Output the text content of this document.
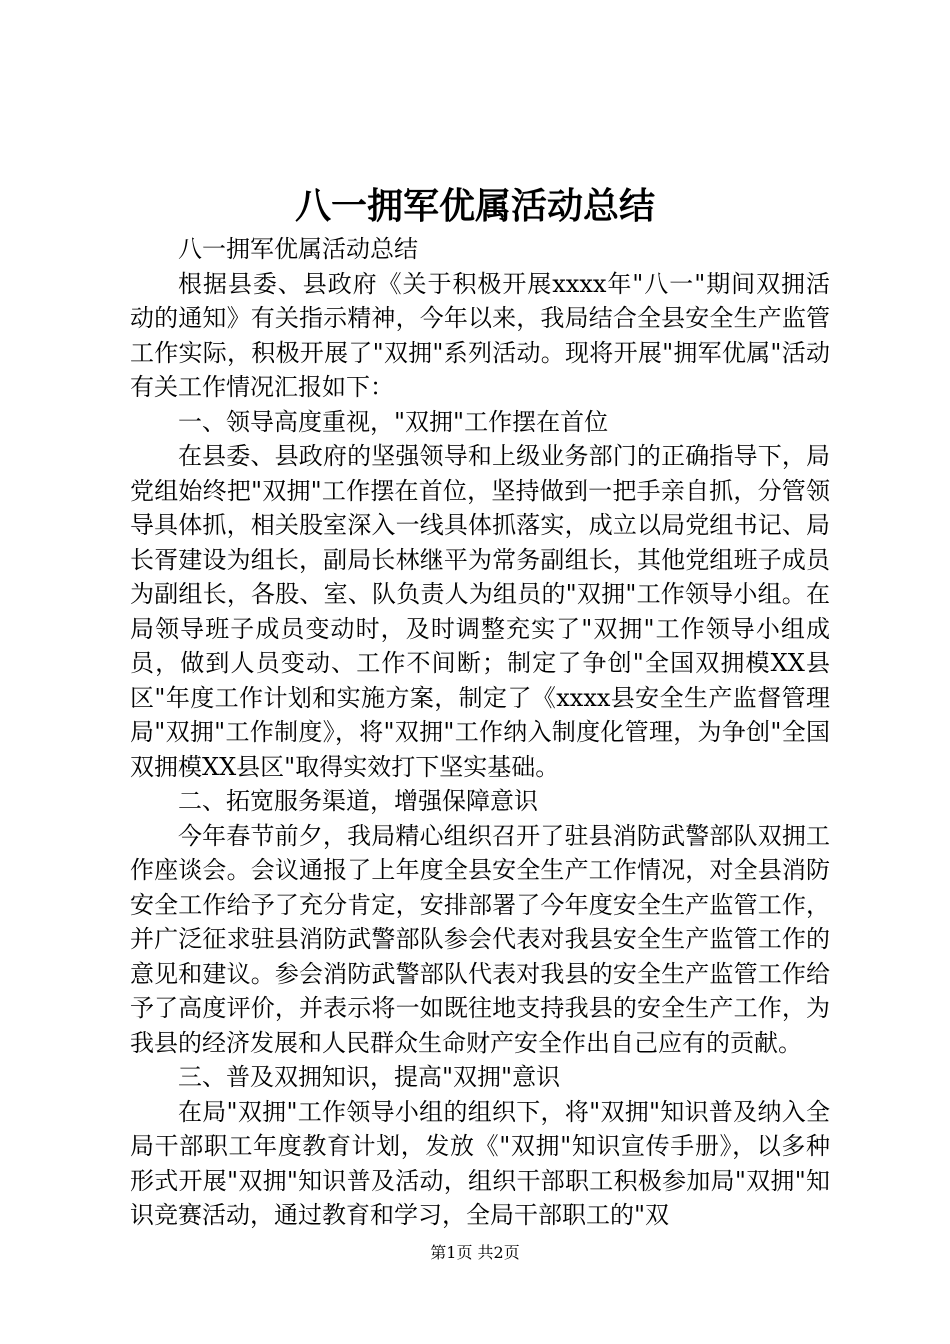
八一拥军优属活动总结

八一拥军优属活动总结

根据县委、县政府《关于积极开展xxxx年"八一"期间双拥活动的通知》有关指示精神，今年以来，我局结合全县安全生产监管工作实际，积极开展了"双拥"系列活动。现将开展"拥军优属"活动有关工作情况汇报如下：

一、领导高度重视，"双拥"工作摆在首位

在县委、县政府的坚强领导和上级业务部门的正确指导下，局党组始终把"双拥"工作摆在首位，坚持做到一把手亲自抓，分管领导具体抓，相关股室深入一线具体抓落实，成立以局党组书记、局长胥建设为组长，副局长林继平为常务副组长，其他党组班子成员为副组长，各股、室、队负责人为组员的"双拥"工作领导小组。在局领导班子成员变动时，及时调整充实了"双拥"工作领导小组成员，做到人员变动、工作不间断；制定了争创"全国双拥模XX县区"年度工作计划和实施方案，制定了《xxxx县安全生产监督管理局"双拥"工作制度》，将"双拥"工作纳入制度化管理，为争创"全国双拥模XX县区"取得实效打下坚实基础。

二、拓宽服务渠道，增强保障意识

今年春节前夕，我局精心组织召开了驻县消防武警部队双拥工作座谈会。会议通报了上年度全县安全生产工作情况，对全县消防安全工作给予了充分肯定，安排部署了今年度安全生产监管工作，并广泛征求驻县消防武警部队参会代表对我县安全生产监管工作的意见和建议。参会消防武警部队代表对我县的安全生产监管工作给予了高度评价，并表示将一如既往地支持我县的安全生产工作，为我县的经济发展和人民群众生命财产安全作出自己应有的贡献。

三、普及双拥知识，提高"双拥"意识

在局"双拥"工作领导小组的组织下，将"双拥"知识普及纳入全局干部职工年度教育计划，发放《"双拥"知识宣传手册》，以多种形式开展"双拥"知识普及活动，组织干部职工积极参加局"双拥"知识竞赛活动，通过教育和学习，全局干部职工的"双

第1页 共2页
